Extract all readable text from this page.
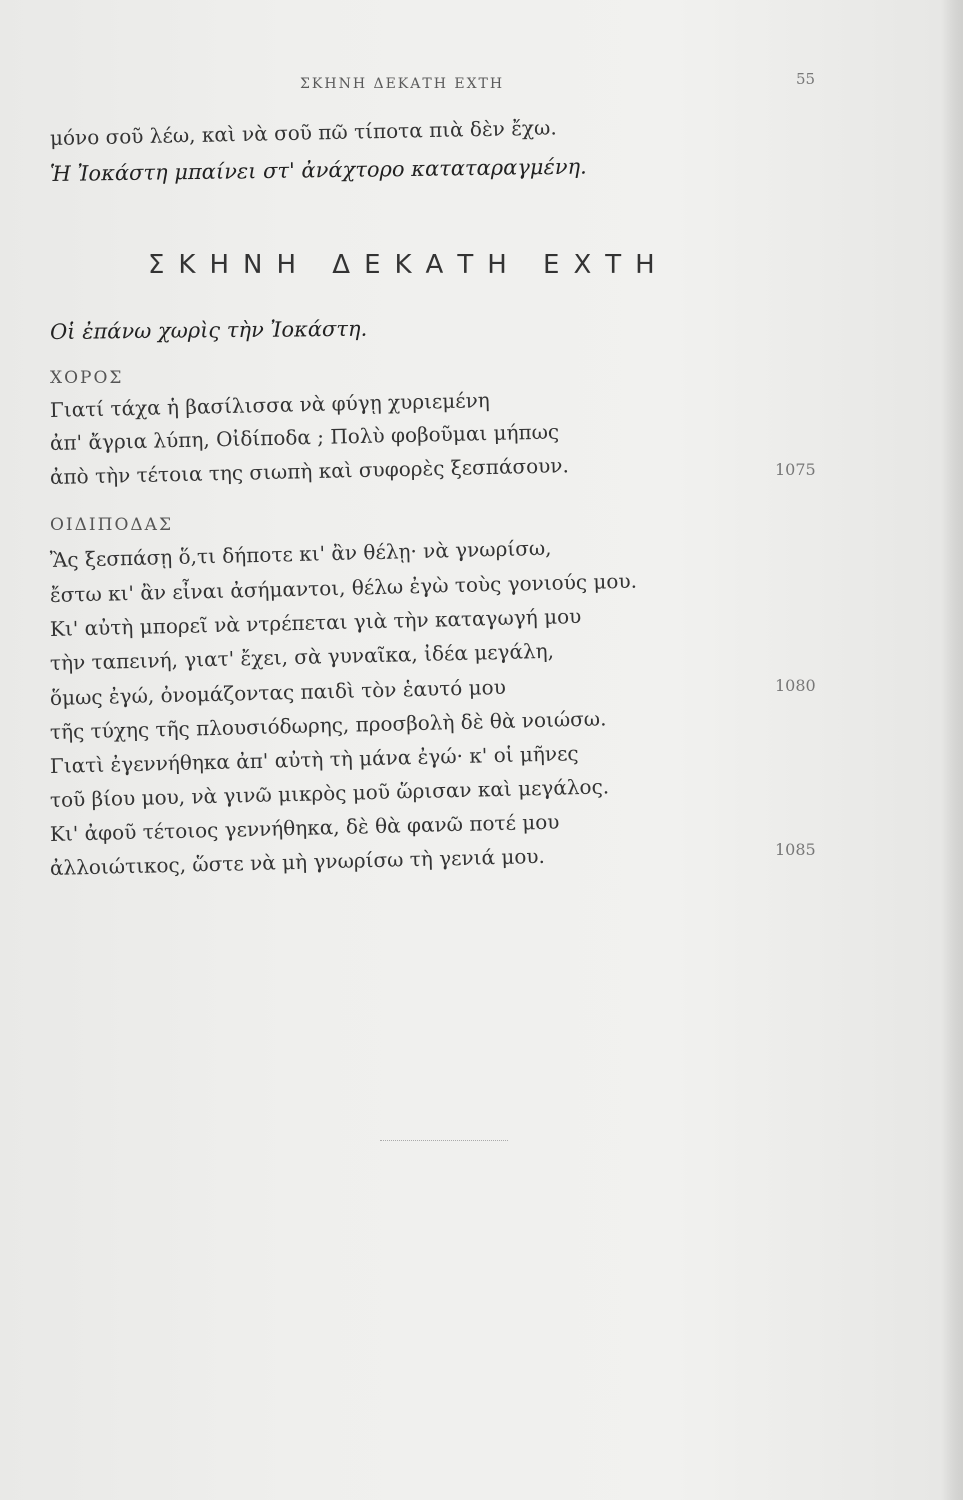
ΣΚΗΝΗ ΔΕΚΑΤΗ ΕΧΤΗ	55
μόνο σοῦ λέω, καὶ νὰ σοῦ πῶ τίποτα πιὰ δὲν ἔχω.
Ἡ Ἰοκάστη μπαίνει στ' ἀνάχτορο καταταραγμένη.
ΣΚΗΝΗ ΔΕΚΑΤΗ ΕΧΤΗ
Οἱ ἐπάνω χωρὶς τὴν Ἰοκάστη.
ΧΟΡΟΣ
Γιατί τάχα ἡ βασίλισσα νὰ φύγῃ χυριεμένη
ἀπ' ἄγρια λύπη, Οἰδίποδα ; Πολὺ φοβοῦμαι μήπως
ἀπὸ τὴν τέτοια της σιωπὴ καὶ συφορὲς ξεσπάσουν.	1075
ΟΙΔΙΠΟΔΑΣ
Ἂς ξεσπάσῃ ὅ,τι δήποτε κι' ἂν θέλῃ· νὰ γνωρίσω,
ἔστω κι' ἂν εἶναι ἀσήμαντοι, θέλω ἐγὼ τοὺς γονιούς μου.
Κι' αὐτὴ μπορεῖ νὰ ντρέπεται γιὰ τὴν καταγωγή μου
τὴν ταπεινή, γιατ' ἔχει, σὰ γυναῖκα, ἰδέα μεγάλη,
ὅμως ἐγώ, ὀνομάζοντας παιδὶ τὸν ἑαυτό μου	1080
τῆς τύχης τῆς πλουσιόδωρης, προσβολὴ δὲ θὰ νοιώσω.
Γιατὶ ἐγεννήθηκα ἀπ' αὐτὴ τὴ μάνα ἐγώ· κ' οἱ μῆνες
τοῦ βίου μου, νὰ γινῶ μικρὸς μοῦ ὥρισαν καὶ μεγάλος.
Κι' ἀφοῦ τέτοιος γεννήθηκα, δὲ θὰ φανῶ ποτέ μου
ἀλλοιώτικος, ὥστε νὰ μὴ γνωρίσω τὴ γενιά μου.	1085
